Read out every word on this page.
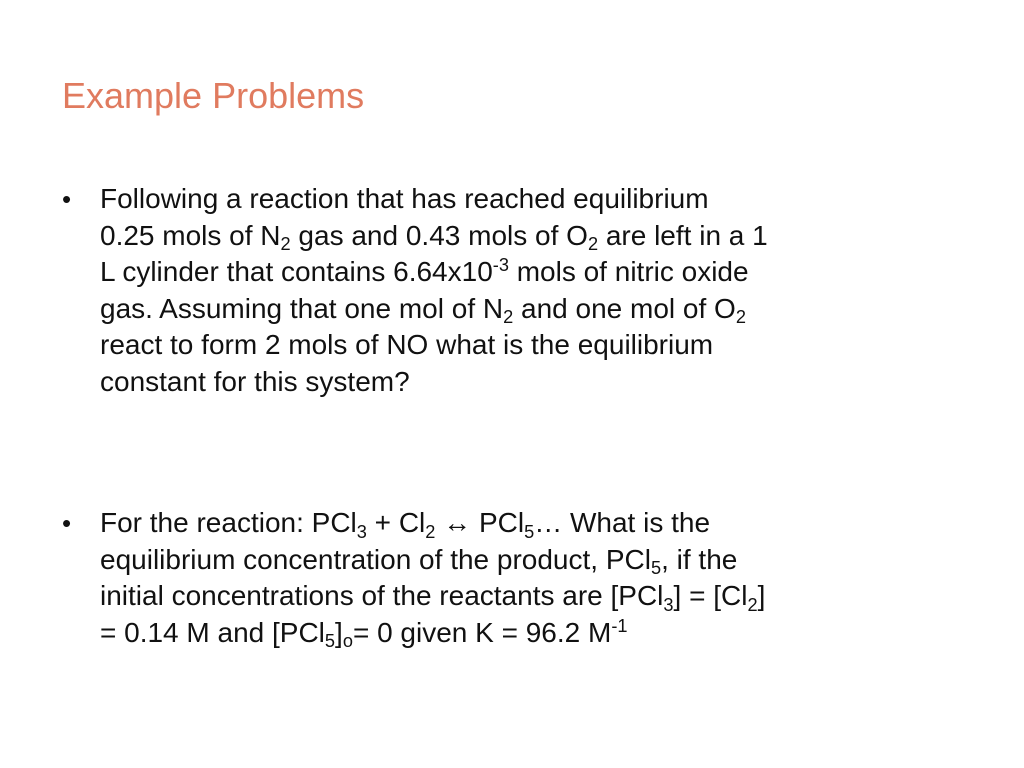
Example Problems
• Following a reaction that has reached equilibrium
0.25 mols of $N_2$ gas and 0.43 mols of $O_2$ are left in a 1
L cylinder that contains $6.64x10^{-3}$ mols of nitric oxide
gas. Assuming that one mol of $N_2$ and one mol of $O_2$
react to form 2 mols of NO what is the equilibrium
constant for this system?
• For the reaction: $PCl_3 + Cl_2$ ↔ PCl$_5$… What is the
equilibrium concentration of the product, PCl$_5$, if the
initial concentrations of the reactants are $[PCl_3] = [Cl_2]$
= 0.14 M and $[PCl_5]_o= 0$ given K = 96.2 $M^{-1}$
